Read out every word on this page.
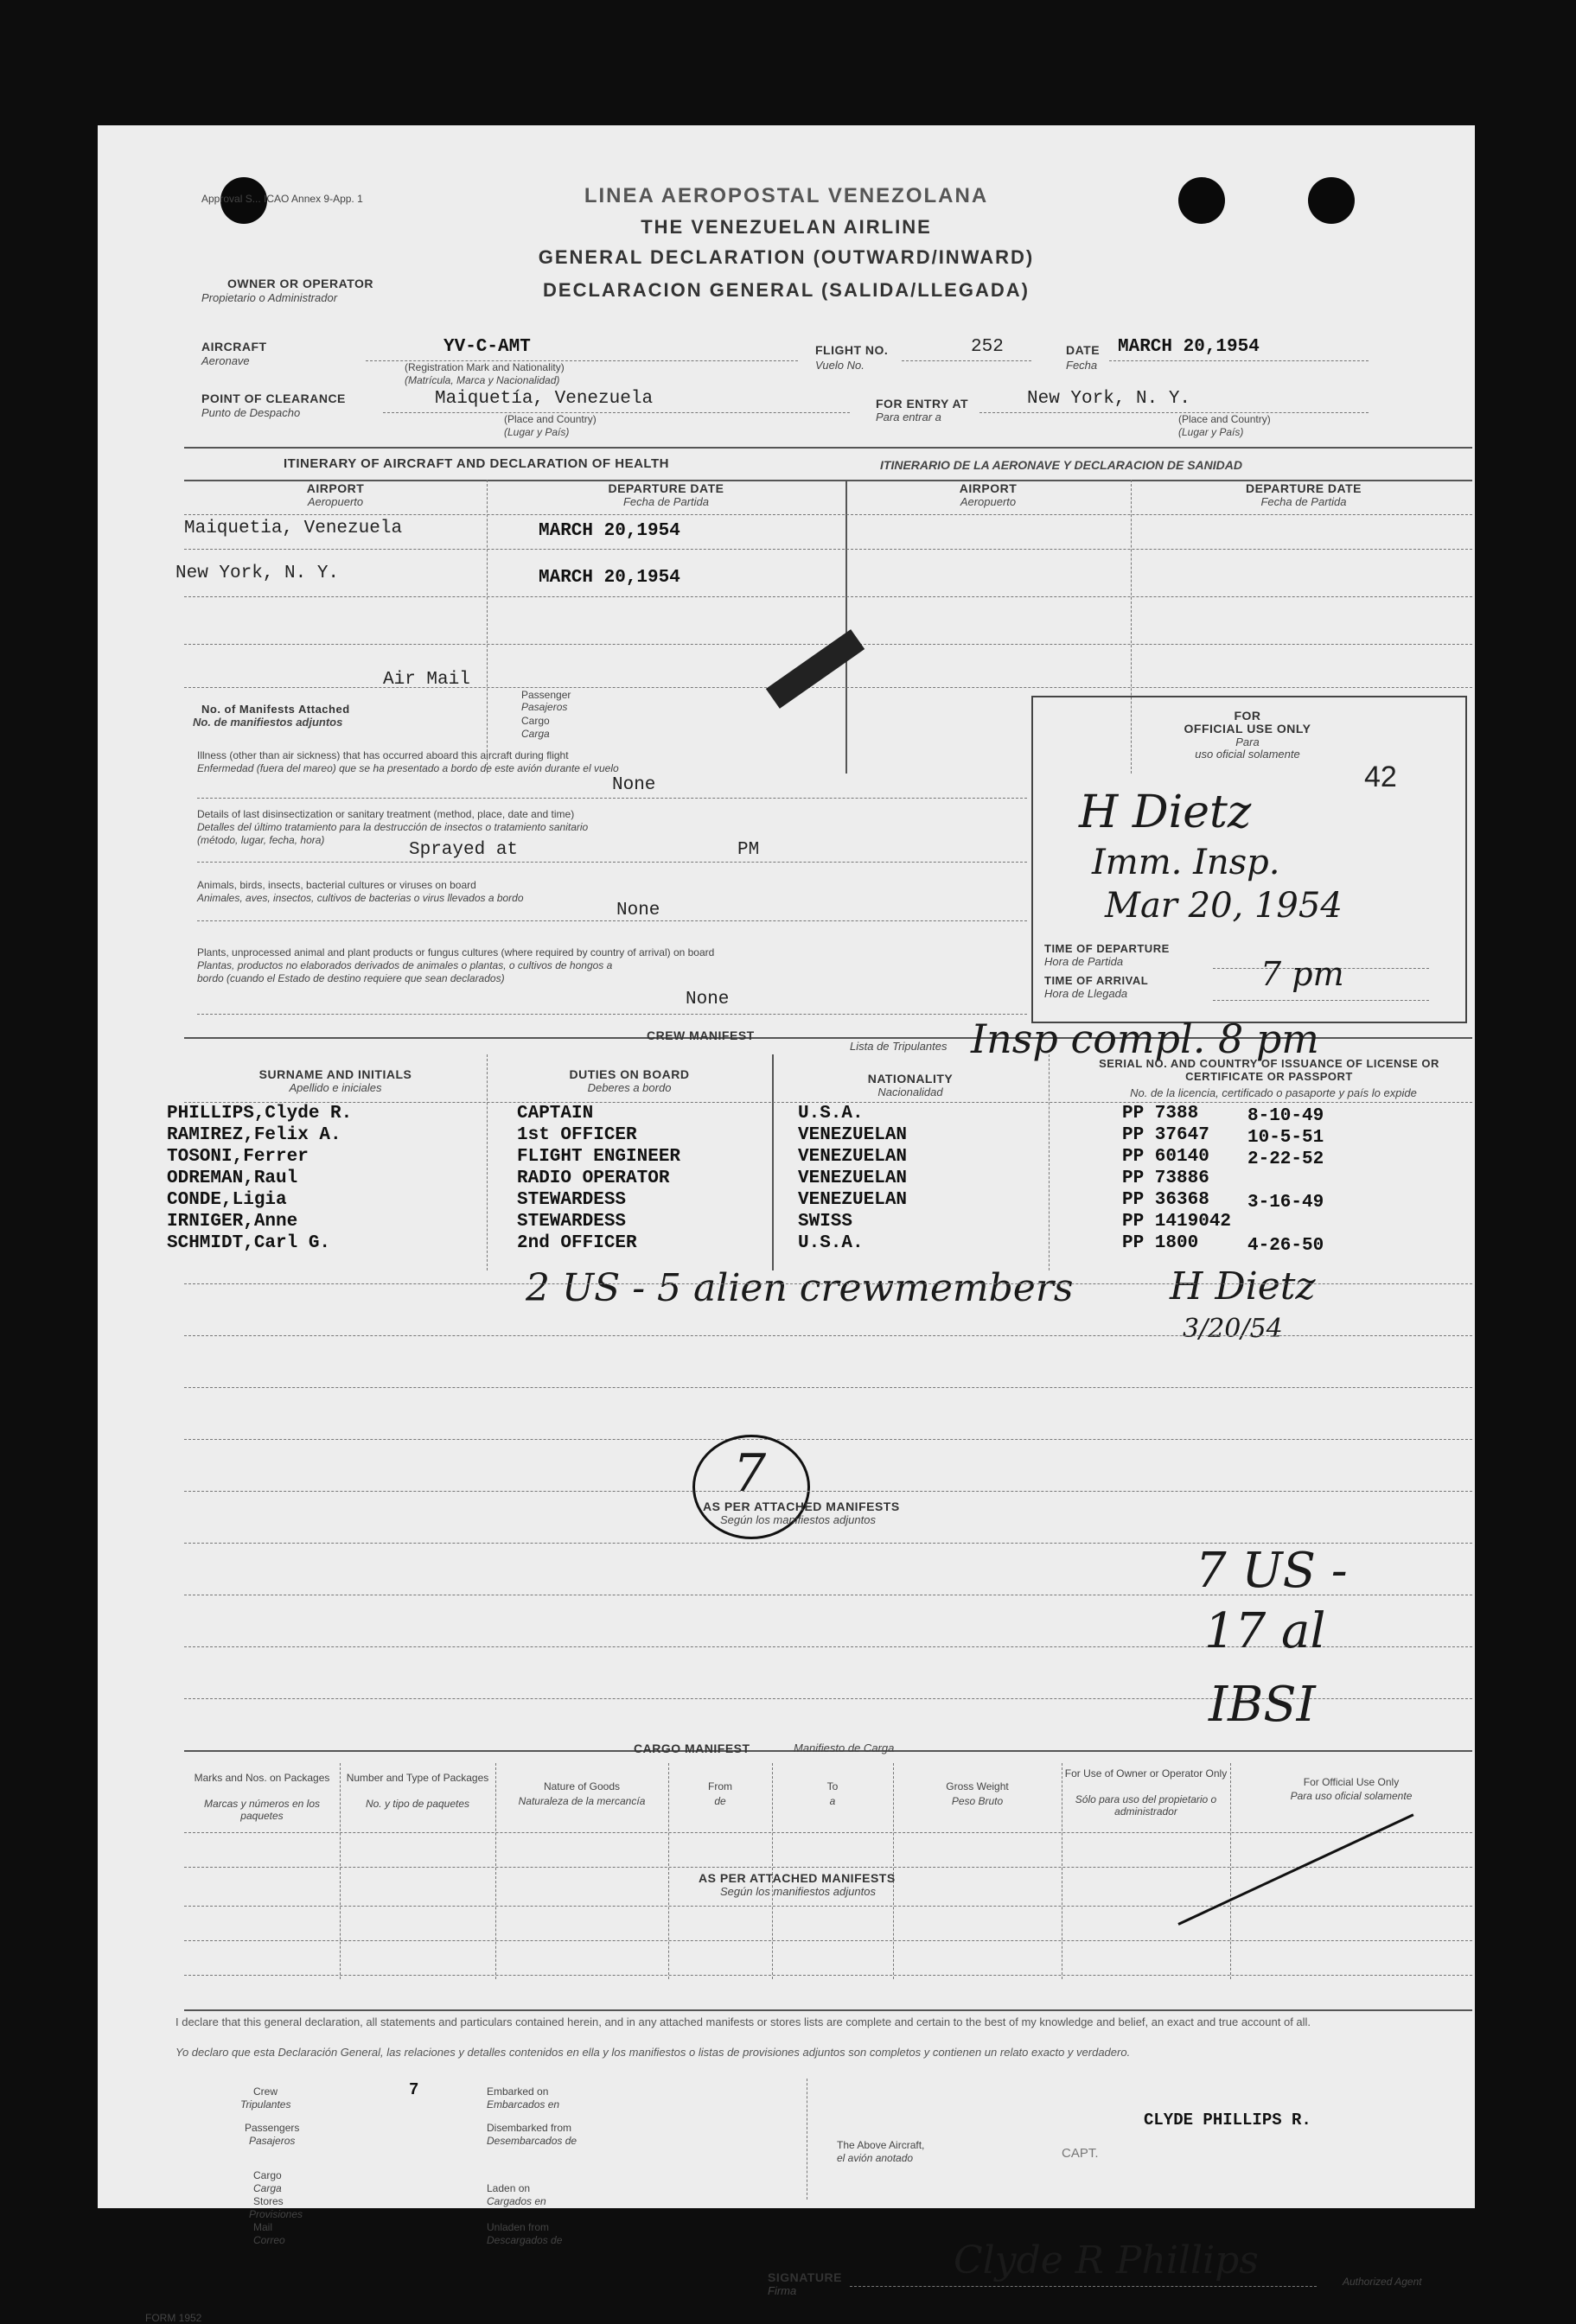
Approval S... ICAO Annex 9-App. 1	LINEA AEROPOSTAL VENEZOLANA
THE VENEZUELAN AIRLINE
GENERAL DECLARATION (OUTWARD/INWARD)
DECLARACION GENERAL (SALIDA/LLEGADA)
OWNER OR OPERATOR
Propietario o Administrador
AIRCRAFT
Aeronave
YV-C-AMT
(Registration Mark and Nationality)
(Matrícula, Marca y Nacionalidad)
FLIGHT NO.
Vuelo No.
252	DATE
Fecha
MARCH 20,1954
POINT OF CLEARANCE
Punto de Despacho
Maiquetía, Venezuela
(Place and Country)
(Lugar y País)
FOR ENTRY AT
Para entrar a
New York, N. Y.
(Place and Country)
(Lugar y País)
ITINERARY OF AIRCRAFT AND DECLARATION OF HEALTH	ITINERARIO DE LA AERONAVE Y DECLARACION DE SANIDAD
AIRPORT
Aeropuerto
DEPARTURE DATE
Fecha de Partida
AIRPORT
Aeropuerto
DEPARTURE DATE
Fecha de Partida
Maiquetia, Venezuela	MARCH 20,1954
New York, N. Y.	MARCH 20,1954
Air Mail
No. of Manifests Attached
No. de manifiestos adjuntos
Passenger
Pasajeros
Cargo
Carga
Illness (other than air sickness) that has occurred aboard this aircraft during flight
Enfermedad (fuera del mareo) que se ha presentado a bordo de este avión durante el vuelo
None
Details of last disinsectization or sanitary treatment (method, place, date and time)
Detalles del último tratamiento para la destrucción de insectos o tratamiento sanitario
(método, lugar, fecha, hora)	Sprayed at	PM
Animals, birds, insects, bacterial cultures or viruses on board
Animales, aves, insectos, cultivos de bacterias o virus llevados a bordo
None
Plants, unprocessed animal and plant products or fungus cultures (where required by country of arrival) on board
Plantas, productos no elaborados derivados de animales o plantas, o cultivos de hongos a
bordo (cuando el Estado de destino requiere que sean declarados)
None
FOR
OFFICIAL USE ONLY
Para
uso oficial solamente
42
H Dietz
Imm. Insp.
Mar 20, 1954
TIME OF DEPARTURE
Hora de Partida
TIME OF ARRIVAL
Hora de Llegada
7 pm
CREW MANIFEST
Lista de Tripulantes Insp compl. 8 pm
SURNAME AND INITIALS
Apellido e iniciales
DUTIES ON BOARD
Deberes a bordo
NATIONALITY
Nacionalidad
SERIAL NO. AND COUNTRY OF ISSUANCE OF LICENSE OR CERTIFICATE OR PASSPORT
No. de la licencia, certificado o pasaporte y país lo expide
PHILLIPS,Clyde R.	CAPTAIN	U.S.A.	PP 7388	8-10-49
RAMIREZ,Felix A.	1st OFFICER	VENEZUELAN	PP 37647 10-5-51
TOSONI,Ferrer	FLIGHT ENGINEER	VENEZUELAN	PP 60140 2-22-52
ODREMAN,Raul	RADIO OPERATOR	VENEZUELAN	PP 73886
CONDE,Ligia	STEWARDESS	VENEZUELAN	PP 36368 3-16-49
IRNIGER,Anne	STEWARDESS	SWISS	PP 1419042
SCHMIDT,Carl G.	2nd OFFICER	U.S.A.	PP 1800	4-26-50
2 US - 5 alien crewmembers	H Dietz
3/20/54
7
AS PER ATTACHED MANIFESTS
Según los manifiestos adjuntos
7 US -
17 al
IBSI
CARGO MANIFEST	Manifiesto de Carga
Marks and Nos. on Packages
Marcas y números en los paquetes
Number and Type of Packages
No. y tipo de paquetes
Nature of Goods
Naturaleza de la mercancía
From
de
To
a
Gross Weight
Peso Bruto
For Use of Owner or Operator Only
Sólo para uso del propietario o administrador
For Official Use Only
Para uso oficial solamente
AS PER ATTACHED MANIFESTS
Según los manifiestos adjuntos
I declare that this general declaration, all statements and particulars contained herein, and in any attached manifests or stores lists are complete and certain to the best of my knowledge and belief, an exact and true account of all.
Yo declaro que esta Declaración General, las relaciones y detalles contenidos en ella y los manifiestos o listas de provisiones adjuntos son completos y contienen un relato exacto y verdadero.
Crew
Tripulantes
7
Passengers
Pasajeros
Cargo
Carga
Stores
Provisiones
Mail
Correo
Embarked on
Embarcados en
Disembarked from
Desembarcados de
Laden on
Cargados en
Unladen from
Descargados de
The Above Aircraft,
el avión anotado
CLYDE PHILLIPS R.
CAPT.
SIGNATURE
Firma
Clyde R Phillips	Authorized Agent
FORM 1952
